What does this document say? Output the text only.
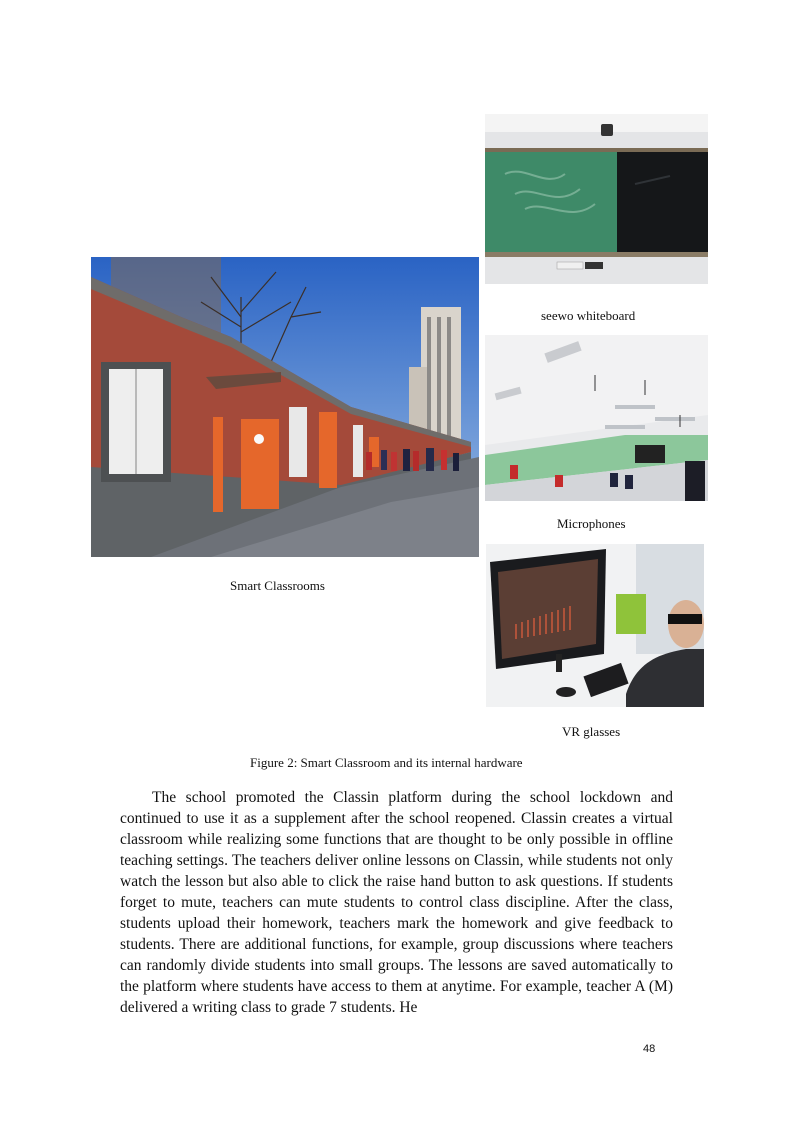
Smart Classrooms
seewo whiteboard
Microphones
VR glasses
Figure 2: Smart Classroom and its internal hardware

The school promoted the Classin platform during the school lockdown and continued to use it as a supplement after the school reopened. Classin creates a virtual classroom while realizing some functions that are thought to be only possible in offline teaching settings. The teachers deliver online lessons on Classin, while students not only watch the lesson but also able to click the raise hand button to ask questions. If students forget to mute, teachers can mute students to control class discipline. After the class, students upload their homework, teachers mark the homework and give feedback to students. There are additional functions, for example, group discussions where teachers can randomly divide students into small groups. The lessons are saved automatically to the platform where students have access to them at anytime. For example, teacher A (M) delivered a writing class to grade 7 students. He

48
